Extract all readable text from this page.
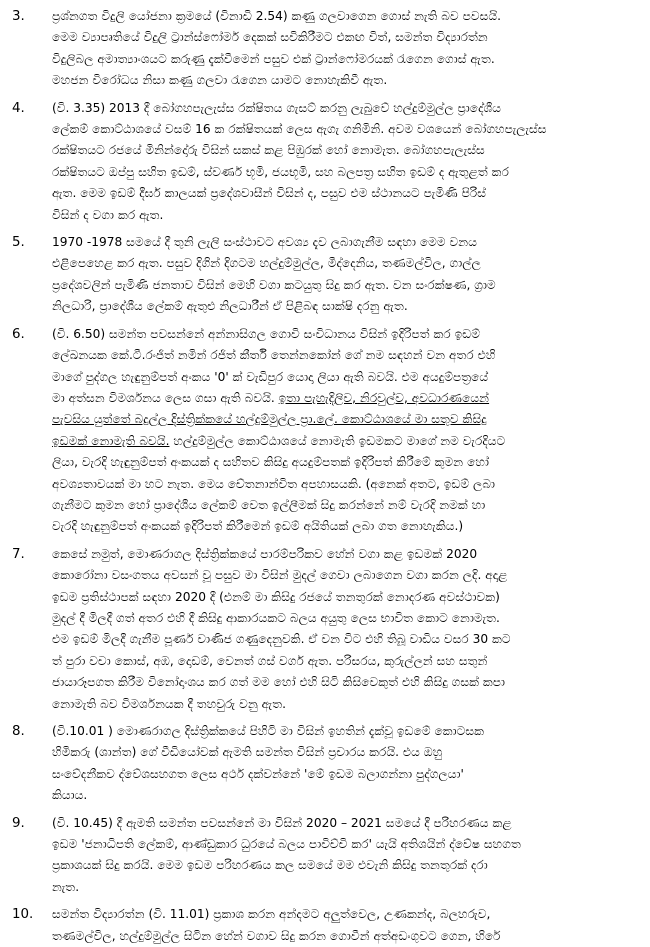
3.	ප්‍රශ්නගත විදුලි යෝජනා ක්‍රමයේ (විනාඩි 2.54) කණු ගලවාගෙන ගොස් නැති බව පවසයි.
මෙම ව්‍යාපෘතියේ විදුලි ට්‍රාන්ස්ෆෝමර් දෙකක් සවිකිරීමට එකඟ විත්, සමන්ත විද්‍යාරත්න
විදුලිබල අමාත්‍යාංශයට කරුණු දැක්වීමෙන් පසුව එක් ට්‍රාන්ෆෝමරයක් රැගෙන ගොස් ඇත.
මහජන විරෝධය නිසා කණු ගලවා රැගෙන යාමට නොහැකිවී ඇත.
4.	(වි. 3.35) 2013 දී බෝගහපැලැස්ස රක්ෂිතය ගැසට් කරනු ලැබුවේ හල්දුම්මුල්ල ප්‍රාදේශීය
ලේකම් කොට්ඨාශයේ වසම් 16 ක රක්ෂිතයක් ලෙස ඇගැ ගනිමිනි. අවම වශයෙන් බෝගහපැලැස්ස
රක්ෂිතයට රජයේ මිනින්දෝරු විසින් සකස් කළ පිඹුරක් හෝ නොමැත. බෝගහපැලැස්ස
රක්ෂිතයට ඔප්පු සහිත ඉඩම්, ස්වර්ණ භූමි, ජයභූමි, සහ බලපත්‍ර සහිත ඉඩම් ද ඇතුළත් කර
ඇත. මෙම ඉඩම් දීර්ඝ කාලයක් ප්‍රදේශවාසීන් විසින් ද, පසුව එම ස්ථානයට පැමිණි පිරිස්
විසින් ද වගා කර ඇත.
5.	1970 -1978 සමයේ දී තුනි ලැලි සංස්ථාවට අවශ්‍ය දැව ලබාගැනීම සඳහා මෙම වනය
එළිපෙහෙළ කර ඇත. පසුව දිගින් දිගටම හල්දුම්මුල්ල, මීද්දෙනිය, තණමල්විල, ගාල්ල
ප්‍රදේශවලින් පැමිණි ජනතාව විසින් මෙහි වගා කටයුතු සිදු කර ඇත. වන සංරක්ෂණ, ග්‍රාම
නිලධාරි, ප්‍රාදේශීය ලේකම් ඇතුළු නිලධාරීන් ඒ පිළිබඳ සාක්ෂි දරනු ඇත.
6.	(වි. 6.50) සමන්ත පවසන්නේ අන්නාසිගල ගොවි සංවිධානය විසින් ඉදිරිපත් කර ඉඩම්
ලේඛනයක කේ.ටී.රංජිත් නමින් රජිත් කීර්ති තෙන්නකෝන් ගේ නම සඳහන් වන අතර එහි
මාගේ පුද්ගල හැඳුනුම්පත් අංකය '0' ක් වැඩිපුර යොදා ලියා ඇති බවයි. එම අයදුම්පත්‍රයේ
මා අත්සන විමර්ශනය ලෙස ගසා ඇති බවයි. ඉතා පැහැදිලිව, නිරවුල්ව, අවධාරණයෙන්
පැවසිය යුත්තේ බදුල්ල දිස්ත්‍රික්කයේ හල්දුම්මුල්ල ප්‍රා.ලේ. කොට්ඨාශයේ මා සතුව කිසිදු
ඉඩමක් නොමැති බවයි. හල්දුම්මුල්ල කොට්ඨාශයේ නොමැති ඉඩමකට මාගේ නම වැරදියට
ලියා, වැරදි හැඳුනුම්පත් අංකයක් ද සහිතව කිසිදු අයදුම්පතක් ඉදිරිපත් කිරීමේ කුමන හෝ
අවශ්‍යතාවයක් මා හට නැත. මෙය චේතනාන්විත අපහාසයකි. (අනෙක් අතට, ඉඩම් ලබා
ගැනීමට කුමන හෝ ප්‍රාදේශීය ලේකම් වෙත ඉල්ලීමක් සිදු කරන්නේ නම් වැරදි නමක් හා
වැරදි හැඳුනුම්පත් අංකයක් ඉදිරිපත් කිරීමෙන් ඉඩම් අයිතියක් ලබා ගත නොහැකිය.)
7.	කෙසේ නමුත්, මොණරාගල දිස්ත්‍රික්කයේ පාරම්පරිකව හේන් වගා කළ ඉඩමක් 2020
කොරෝනා වසංගතය අවසන් වූ පසුව මා විසින් මුදල් ගෙවා ලබාගෙන වගා කරන ලදි. අදාළ
ඉඩම ප්‍රතිස්ථාපක් සඳහා 2020 දී (එනම් මා කිසිදු රජයේ තනතුරක් නොදරණ අවස්ථාවක)
මුදල් දී මිලදී ගත් අතර එහි දී කිසිදු ආකාරයකට බලය අයුතු ලෙස භාවිත කොට නොමැත.
එම ඉඩම් මිලදී ගැනීම පූර්ණ වාණිජ ගණුදෙනුවකි. ඒ වන විට එහි තිබූ වාඩිය වසර 30 කට
ත් පුරා වචා කොස්, අඹ, දොඩම්, වෙනත් ගස් වර්ග ඇත. පරිසරය, කුරුල්ලන් සහ සතුන්
ජායාරූපගත කිරීම විනෝදාංශය කර ගත් මම හෝ එහි සිටි කිසිවෙකුත් එහි කිසිදු ගසක් කපා
නොමැති බව විමර්ශනයක දී තහවුරු වනු ඇත.
8.	(වි.10.01 ) මොණරාගල දිස්ත්‍රික්කයේ පිහිටි මා විසින් ඉහතින් දැක්වූ ඉඩමේ කොටසක
හිමිකරු (ශාන්ත) ගේ වීඩියෝවක් ඇමති සමන්ත විසින් ප්‍රචාරය කරයි. එය ඔහු
සංවේදනීකව ද්වේශසහගත ලෙස අර්ථ දක්වන්නේ 'මේ ඉඩම බලාගන්නා පුද්ගලයා'
කියාය.
9.	(වි. 10.45) දී ඇමති සමන්ත පවසන්නේ මා විසින් 2020 – 2021 සමයේ දී පරිහරණය කළ
ඉඩම 'ජනාධිපති ලේකම්, ආණ්ඩුකාර ධුරයේ බලය පාවිච්චි කර' යැයි අතිශයින් ද්වේෂ සහගත
ප්‍රකාශයක් සිදු කරයි. මෙම ඉඩම පරිහරණය කල සමයේ මම එවැනි කිසිදු තනතුරක් දරා
නැත.
10.	සමන්ත විද්‍යාරත්න (වි. 11.01) ප්‍රකාශ කරන අන්දමට අලුත්වෙල, උණකන්ද, බලහරුව,
තණමල්විල, හල්දුම්මුල්ල සිටින හේන් වගාව සිදු කරන ගොවීන් අත්අඩංගුවට ගෙන, හිරේ
